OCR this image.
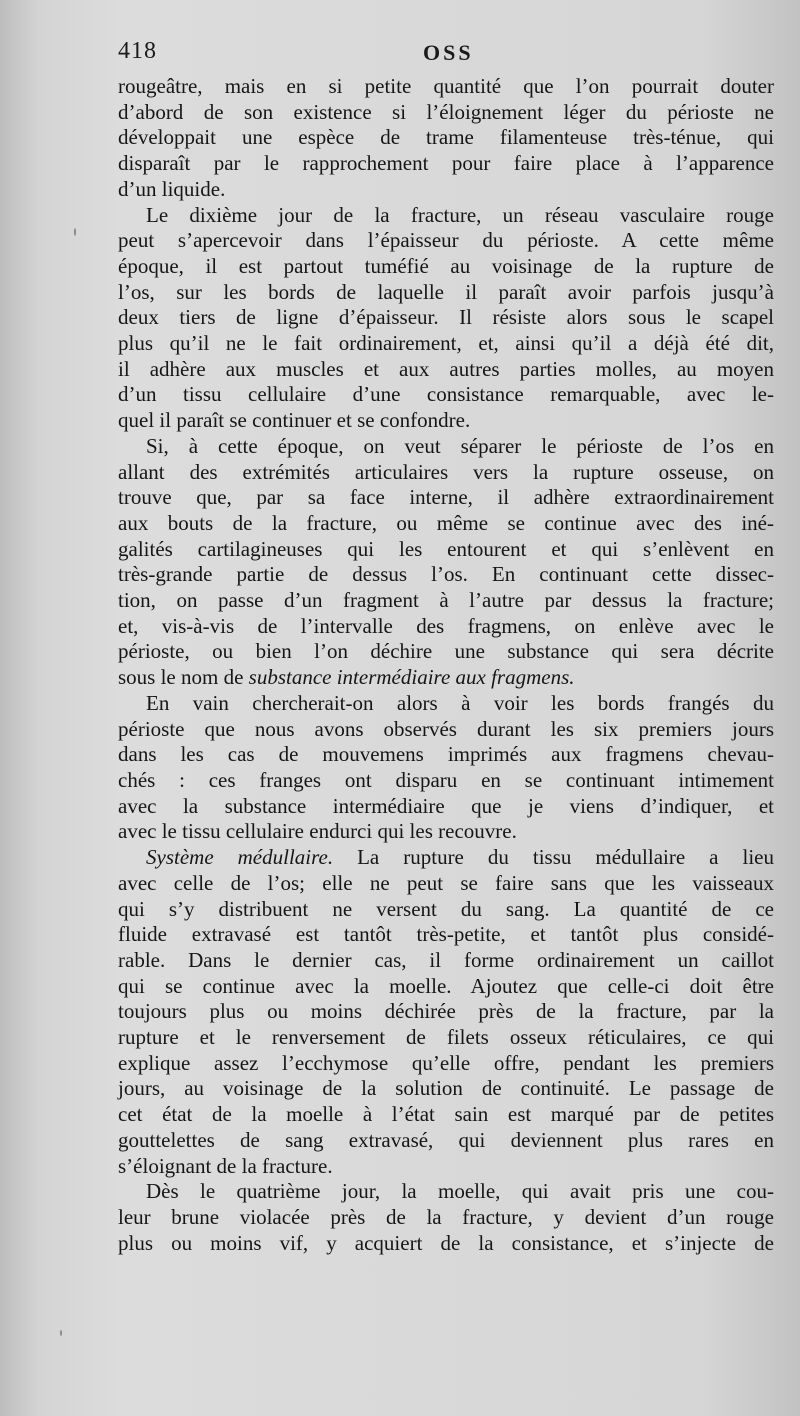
418	OSS
rougeâtre, mais en si petite quantité que l’on pourrait douter
d’abord de son existence si l’éloignement léger du périoste ne
développait une espèce de trame filamenteuse très-ténue, qui
disparaît par le rapprochement pour faire place à l’apparence
d’un liquide.
Le dixième jour de la fracture, un réseau vasculaire rouge
peut s’apercevoir dans l’épaisseur du périoste. A cette même
époque, il est partout tuméfié au voisinage de la rupture de
l’os, sur les bords de laquelle il paraît avoir parfois jusqu’à
deux tiers de ligne d’épaisseur. Il résiste alors sous le scapel
plus qu’il ne le fait ordinairement, et, ainsi qu’il a déjà été dit,
il adhère aux muscles et aux autres parties molles, au moyen
d’un tissu cellulaire d’une consistance remarquable, avec le-
quel il paraît se continuer et se confondre.
Si, à cette époque, on veut séparer le périoste de l’os en
allant des extrémités articulaires vers la rupture osseuse, on
trouve que, par sa face interne, il adhère extraordinairement
aux bouts de la fracture, ou même se continue avec des iné-
galités cartilagineuses qui les entourent et qui s’enlèvent en
très-grande partie de dessus l’os. En continuant cette dissec-
tion, on passe d’un fragment à l’autre par dessus la fracture;
et, vis-à-vis de l’intervalle des fragmens, on enlève avec le
périoste, ou bien l’on déchire une substance qui sera décrite
sous le nom de substance intermédiaire aux fragmens.
En vain chercherait-on alors à voir les bords frangés du
périoste que nous avons observés durant les six premiers jours
dans les cas de mouvemens imprimés aux fragmens chevau-
chés : ces franges ont disparu en se continuant intimement
avec la substance intermédiaire que je viens d’indiquer, et
avec le tissu cellulaire endurci qui les recouvre.
Système médullaire. La rupture du tissu médullaire a lieu
avec celle de l’os; elle ne peut se faire sans que les vaisseaux
qui s’y distribuent ne versent du sang. La quantité de ce
fluide extravasé est tantôt très-petite, et tantôt plus considé-
rable. Dans le dernier cas, il forme ordinairement un caillot
qui se continue avec la moelle. Ajoutez que celle-ci doit être
toujours plus ou moins déchirée près de la fracture, par la
rupture et le renversement de filets osseux réticulaires, ce qui
explique assez l’ecchymose qu’elle offre, pendant les premiers
jours, au voisinage de la solution de continuité. Le passage de
cet état de la moelle à l’état sain est marqué par de petites
gouttelettes de sang extravasé, qui deviennent plus rares en
s’éloignant de la fracture.
Dès le quatrième jour, la moelle, qui avait pris une cou-
leur brune violacée près de la fracture, y devient d’un rouge
plus ou moins vif, y acquiert de la consistance, et s’injecte de
